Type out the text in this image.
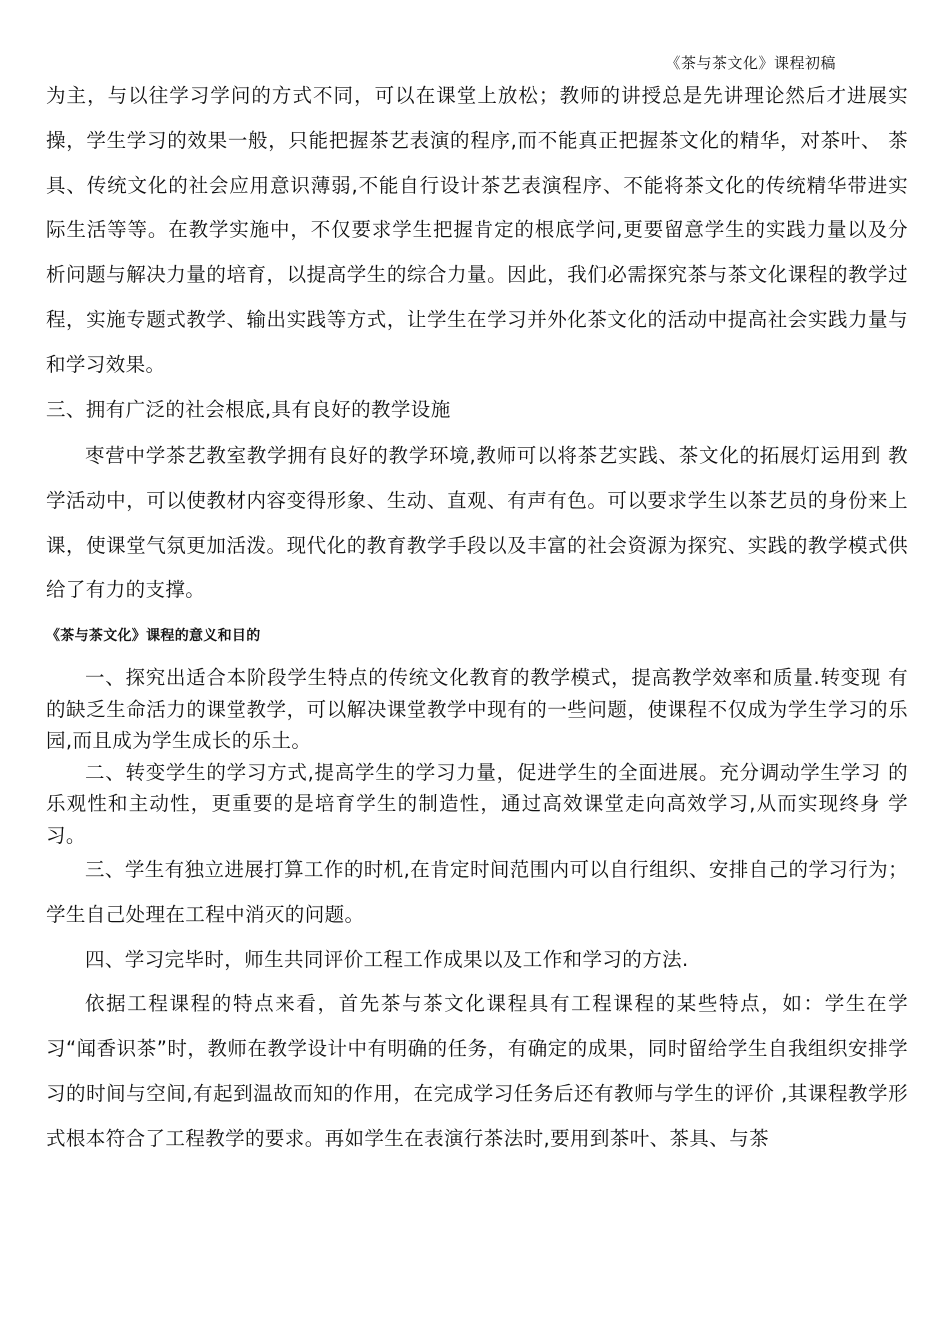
《茶与茶文化》课程初稿

为主，与以往学习学问的方式不同，可以在课堂上放松；教师的讲授总是先讲理论然后才进展实操，学生学习的效果一般，只能把握茶艺表演的程序,而不能真正把握茶文化的精华，对茶叶、 茶具、传统文化的社会应用意识薄弱,不能自行设计茶艺表演程序、不能将茶文化的传统精华带进实际生活等等。在教学实施中，不仅要求学生把握肯定的根底学问,更要留意学生的实践力量以及分析问题与解决力量的培育，以提高学生的综合力量。因此，我们必需探究茶与茶文化课程的教学过程，实施专题式教学、输出实践等方式，让学生在学习并外化茶文化的活动中提高社会实践力量与和学习效果。

三、拥有广泛的社会根底,具有良好的教学设施

枣营中学茶艺教室教学拥有良好的教学环境,教师可以将茶艺实践、茶文化的拓展灯运用到 教学活动中，可以使教材内容变得形象、生动、直观、有声有色。可以要求学生以茶艺员的身份来上课，使课堂气氛更加活泼。现代化的教育教学手段以及丰富的社会资源为探究、实践的教学模式供给了有力的支撑。

《茶与茶文化》课程的意义和目的

一、探究出适合本阶段学生特点的传统文化教育的教学模式，提高教学效率和质量.转变现 有的缺乏生命活力的课堂教学，可以解决课堂教学中现有的一些问题，使课程不仅成为学生学习的乐园,而且成为学生成长的乐土。

二、转变学生的学习方式,提高学生的学习力量，促进学生的全面进展。充分调动学生学习 的乐观性和主动性，更重要的是培育学生的制造性，通过高效课堂走向高效学习,从而实现终身 学习。

三、学生有独立进展打算工作的时机,在肯定时间范围内可以自行组织、安排自己的学习行为；学生自己处理在工程中消灭的问题。

四、学习完毕时，师生共同评价工程工作成果以及工作和学习的方法.

依据工程课程的特点来看，首先茶与茶文化课程具有工程课程的某些特点，如：学生在学习“闻香识茶”时，教师在教学设计中有明确的任务，有确定的成果，同时留给学生自我组织安排学习的时间与空间,有起到温故而知的作用，在完成学习任务后还有教师与学生的评价 ,其课程教学形式根本符合了工程教学的要求。再如学生在表演行茶法时,要用到茶叶、茶具、与茶
